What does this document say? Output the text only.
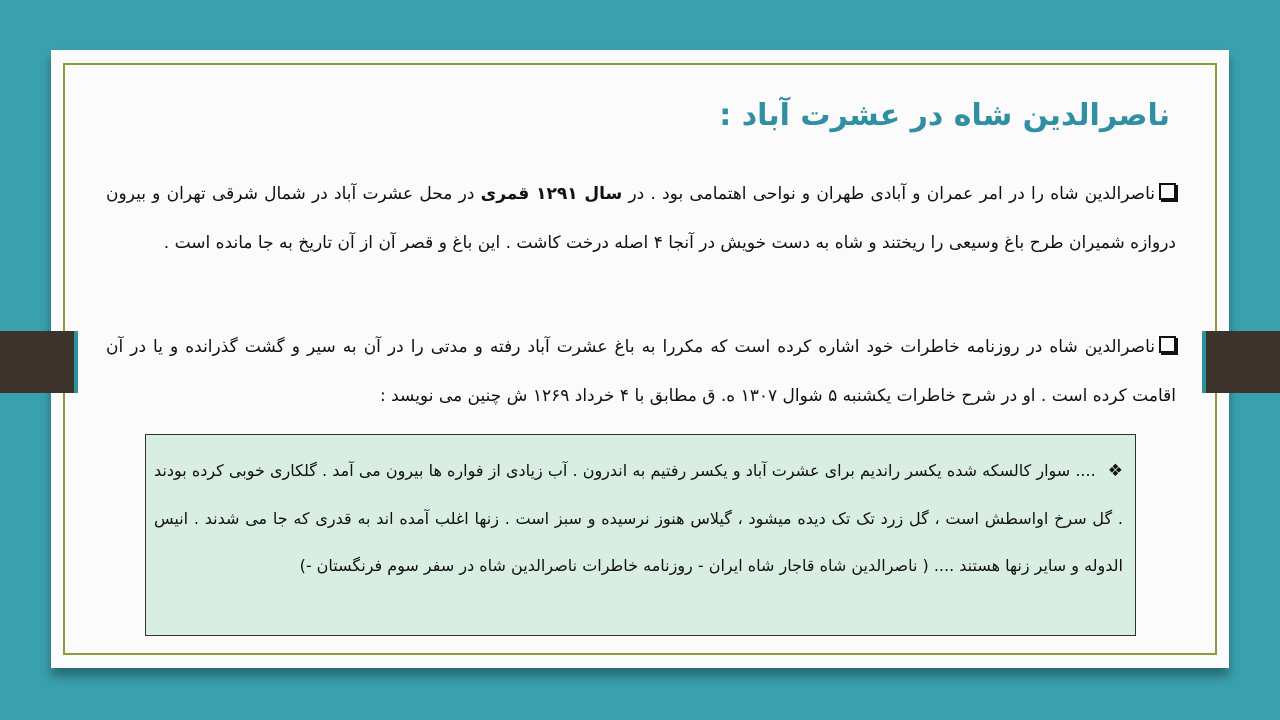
ناصرالدین شاه در عشرت آباد :
ناصرالدین شاه را در امر عمران و آبادی طهران و نواحی اهتمامی بود . در سال ۱۲۹۱ قمری در محل عشرت آباد در شمال شرقی تهران و بیرون دروازه شمیران طرح باغ وسیعی را ریختند و شاه به دست خویش در آنجا ۴ اصله درخت کاشت . این باغ و قصر آن از آن تاریخ به جا مانده است .
ناصرالدین شاه در روزنامه خاطرات خود اشاره کرده است که مکررا به باغ عشرت آباد رفته و مدتی را در آن به سیر و گشت گذرانده و یا در آن اقامت کرده است . او در شرح خاطرات یکشنبه ۵ شوال ۱۳۰۷ ه. ق مطابق با ۴ خرداد ۱۲۶۹ ش چنین می نویسد :
❖.... سوار کالسکه شده یکسر راندیم برای عشرت آباد و یکسر رفتیم به اندرون . آب زیادی از فواره ها بیرون می آمد . گلکاری خوبی کرده بودند . گل سرخ اواسطش است ، گل زرد تک تک دیده میشود ، گیلاس هنوز نرسیده و سبز است . زنها اغلب آمده اند به قدری که جا می شدند . انیس الدوله و سایر زنها هستند .... ( ناصرالدین شاه قاجار شاه ایران - روزنامه خاطرات ناصرالدین شاه در سفر سوم فرنگستان -)
